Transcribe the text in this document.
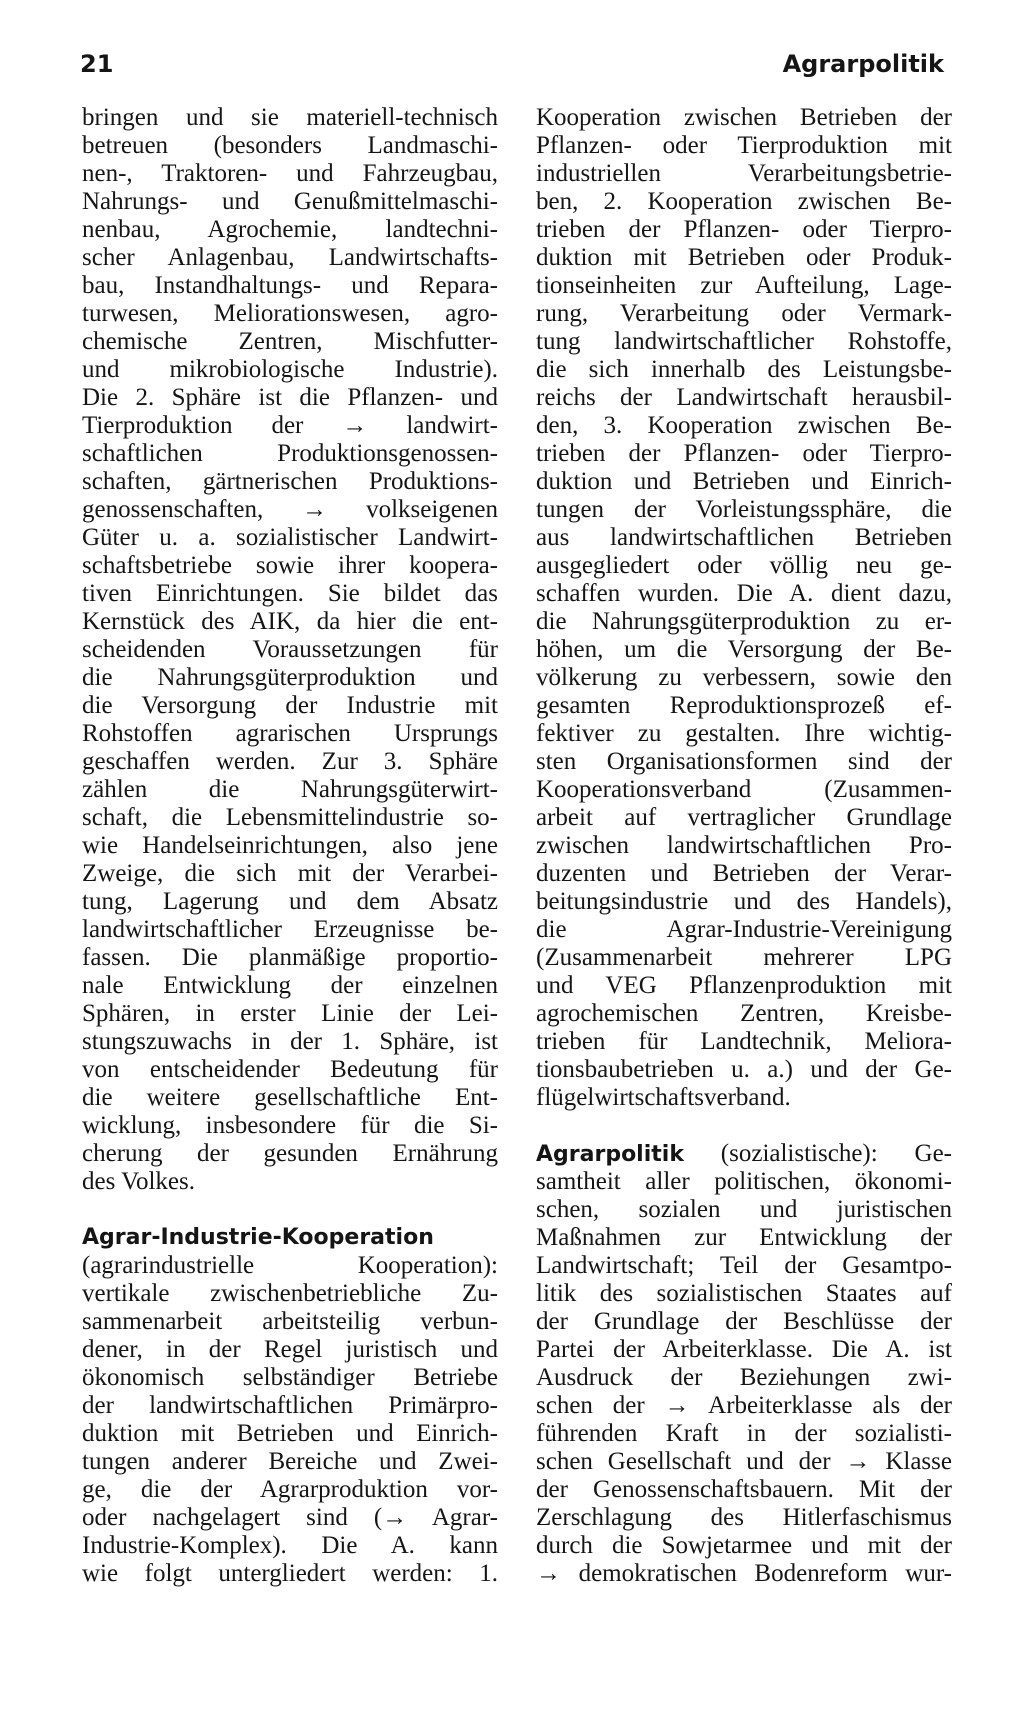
21	Agrarpolitik
bringen und sie materiell-technisch
betreuen (besonders Landmaschi-
nen-, Traktoren- und Fahrzeugbau,
Nahrungs- und Genußmittelmaschi-
nenbau, Agrochemie, landtechni-
scher Anlagenbau, Landwirtschafts-
bau, Instandhaltungs- und Repara-
turwesen, Meliorationswesen, agro-
chemische Zentren, Mischfutter-
und mikrobiologische Industrie).
Die 2. Sphäre ist die Pflanzen- und
Tierproduktion der → landwirt-
schaftlichen Produktionsgenossen-
schaften, gärtnerischen Produktions-
genossenschaften, → volkseigenen
Güter u. a. sozialistischer Landwirt-
schaftsbetriebe sowie ihrer koopera-
tiven Einrichtungen. Sie bildet das
Kernstück des AIK, da hier die ent-
scheidenden Voraussetzungen für
die Nahrungsgüterproduktion und
die Versorgung der Industrie mit
Rohstoffen agrarischen Ursprungs
geschaffen werden. Zur 3. Sphäre
zählen die Nahrungsgüterwirt-
schaft, die Lebensmittelindustrie so-
wie Handelseinrichtungen, also jene
Zweige, die sich mit der Verarbei-
tung, Lagerung und dem Absatz
landwirtschaftlicher Erzeugnisse be-
fassen. Die planmäßige proportio-
nale Entwicklung der einzelnen
Sphären, in erster Linie der Lei-
stungszuwachs in der 1. Sphäre, ist
von entscheidender Bedeutung für
die weitere gesellschaftliche Ent-
wicklung, insbesondere für die Si-
cherung der gesunden Ernährung
des Volkes.
Agrar-Industrie-Kooperation
(agrarindustrielle Kooperation):
vertikale zwischenbetriebliche Zu-
sammenarbeit arbeitsteilig verbun-
dener, in der Regel juristisch und
ökonomisch selbständiger Betriebe
der landwirtschaftlichen Primärpro-
duktion mit Betrieben und Einrich-
tungen anderer Bereiche und Zwei-
ge, die der Agrarproduktion vor-
oder nachgelagert sind (→ Agrar-
Industrie-Komplex). Die A. kann
wie folgt untergliedert werden: 1.
Kooperation zwischen Betrieben der
Pflanzen- oder Tierproduktion mit
industriellen Verarbeitungsbetrie-
ben, 2. Kooperation zwischen Be-
trieben der Pflanzen- oder Tierpro-
duktion mit Betrieben oder Produk-
tionseinheiten zur Aufteilung, Lage-
rung, Verarbeitung oder Vermark-
tung landwirtschaftlicher Rohstoffe,
die sich innerhalb des Leistungsbe-
reichs der Landwirtschaft herausbil-
den, 3. Kooperation zwischen Be-
trieben der Pflanzen- oder Tierpro-
duktion und Betrieben und Einrich-
tungen der Vorleistungssphäre, die
aus landwirtschaftlichen Betrieben
ausgegliedert oder völlig neu ge-
schaffen wurden. Die A. dient dazu,
die Nahrungsgüterproduktion zu er-
höhen, um die Versorgung der Be-
völkerung zu verbessern, sowie den
gesamten Reproduktionsprozeß ef-
fektiver zu gestalten. Ihre wichtig-
sten Organisationsformen sind der
Kooperationsverband (Zusammen-
arbeit auf vertraglicher Grundlage
zwischen landwirtschaftlichen Pro-
duzenten und Betrieben der Verar-
beitungsindustrie und des Handels),
die Agrar-Industrie-Vereinigung
(Zusammenarbeit mehrerer LPG
und VEG Pflanzenproduktion mit
agrochemischen Zentren, Kreisbe-
trieben für Landtechnik, Meliora-
tionsbaubetrieben u. a.) und der Ge-
flügelwirtschaftsverband.
Agrarpolitik (sozialistische): Ge-
samtheit aller politischen, ökonomi-
schen, sozialen und juristischen
Maßnahmen zur Entwicklung der
Landwirtschaft; Teil der Gesamtpo-
litik des sozialistischen Staates auf
der Grundlage der Beschlüsse der
Partei der Arbeiterklasse. Die A. ist
Ausdruck der Beziehungen zwi-
schen der → Arbeiterklasse als der
führenden Kraft in der sozialisti-
schen Gesellschaft und der → Klasse
der Genossenschaftsbauern. Mit der
Zerschlagung des Hitlerfaschismus
durch die Sowjetarmee und mit der
→ demokratischen Bodenreform wur-
